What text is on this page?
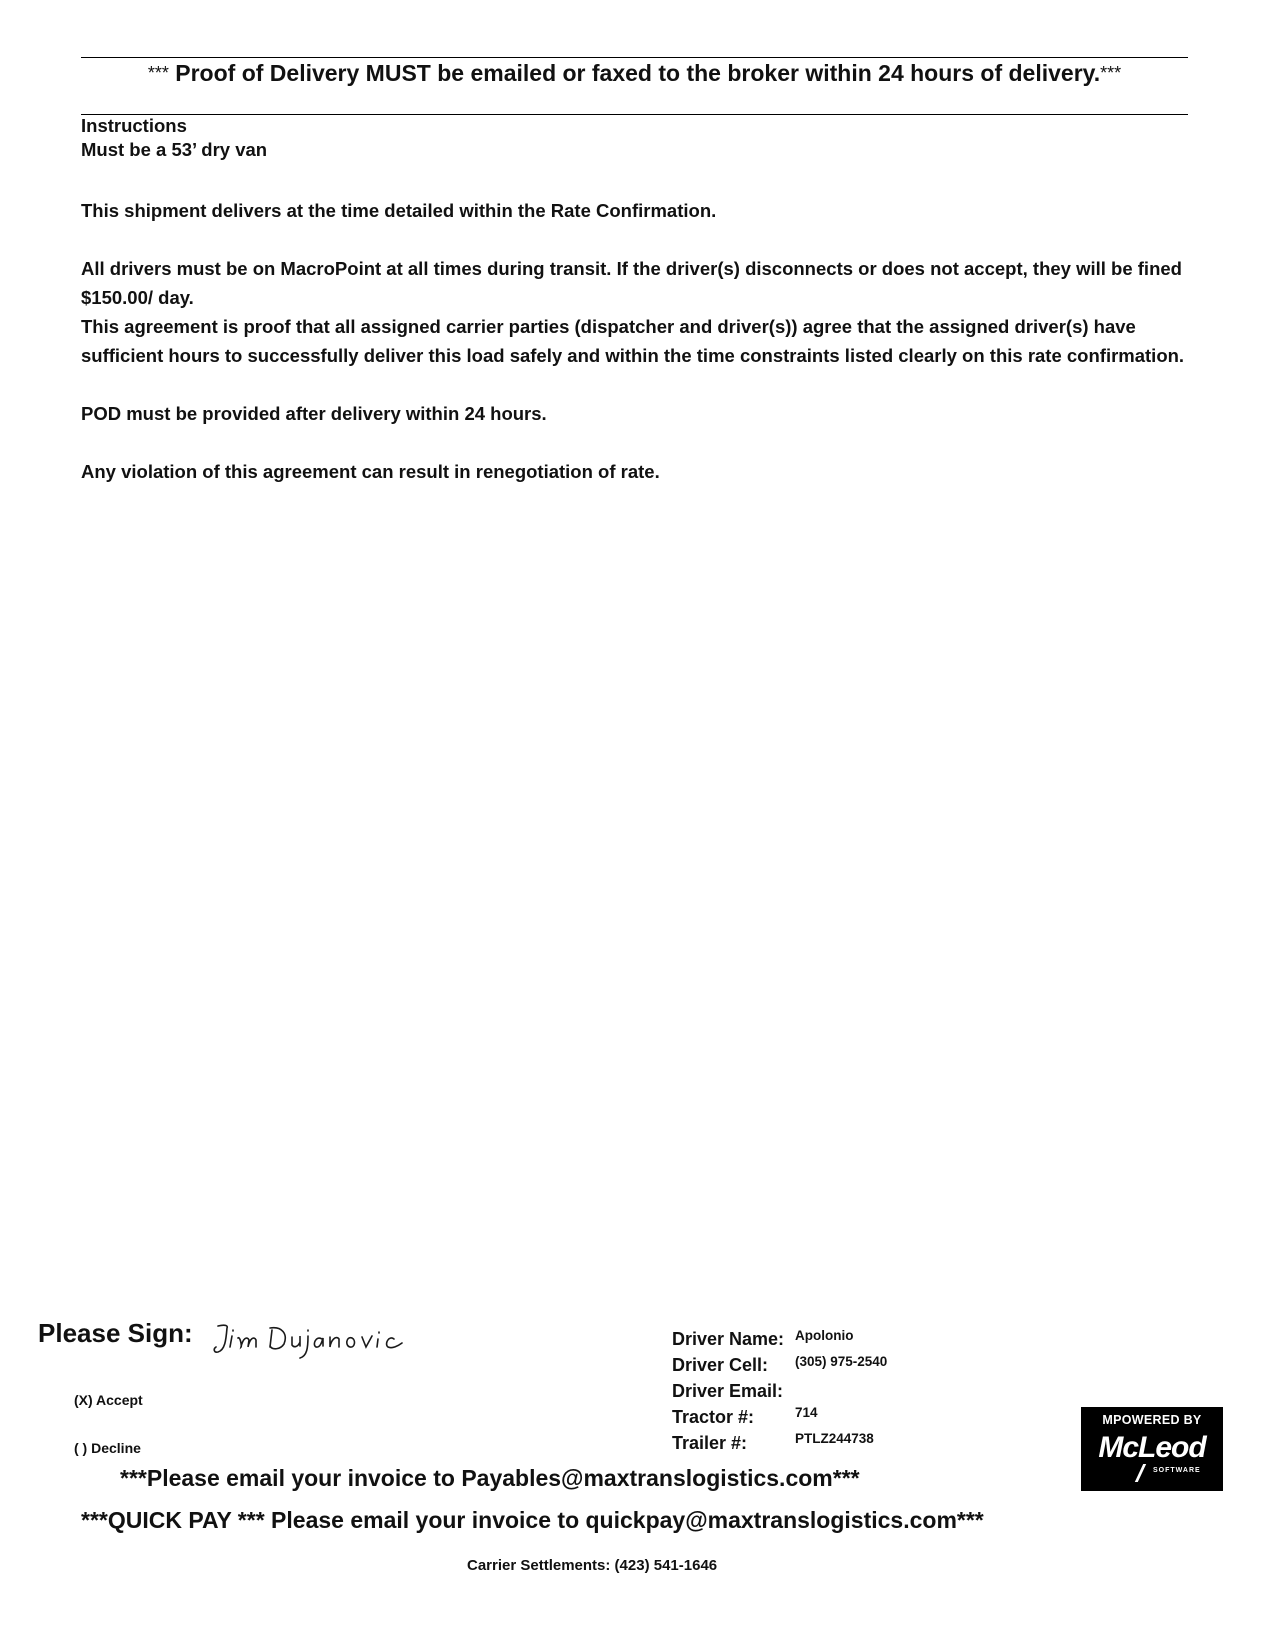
*** Proof of Delivery MUST be emailed or faxed to the broker within 24 hours of delivery.***

Instructions

Must be a 53’ dry van

This shipment delivers at the time detailed within the Rate Confirmation.

All drivers must be on MacroPoint at all times during transit. If the driver(s) disconnects or does not accept, they will be fined $150.00/ day.

This agreement is proof that all assigned carrier parties (dispatcher and driver(s)) agree that the assigned driver(s) have sufficient hours to successfully deliver this load safely and within the time constraints listed clearly on this rate confirmation.

POD must be provided after delivery within 24 hours.

Any violation of this agreement can result in renegotiation of rate.

Please Sign:
(X) Accept
( ) Decline
Driver Name: Apolonio
Driver Cell: (305) 975-2540
Driver Email:
Tractor #:	714
Trailer #:	PTLZ244738
MPOWERED BY
McLeod
SOFTWARE
***Please email your invoice to Payables@maxtranslogistics.com***
***QUICK PAY *** Please email your invoice to quickpay@maxtranslogistics.com***
Carrier Settlements: (423) 541-1646
